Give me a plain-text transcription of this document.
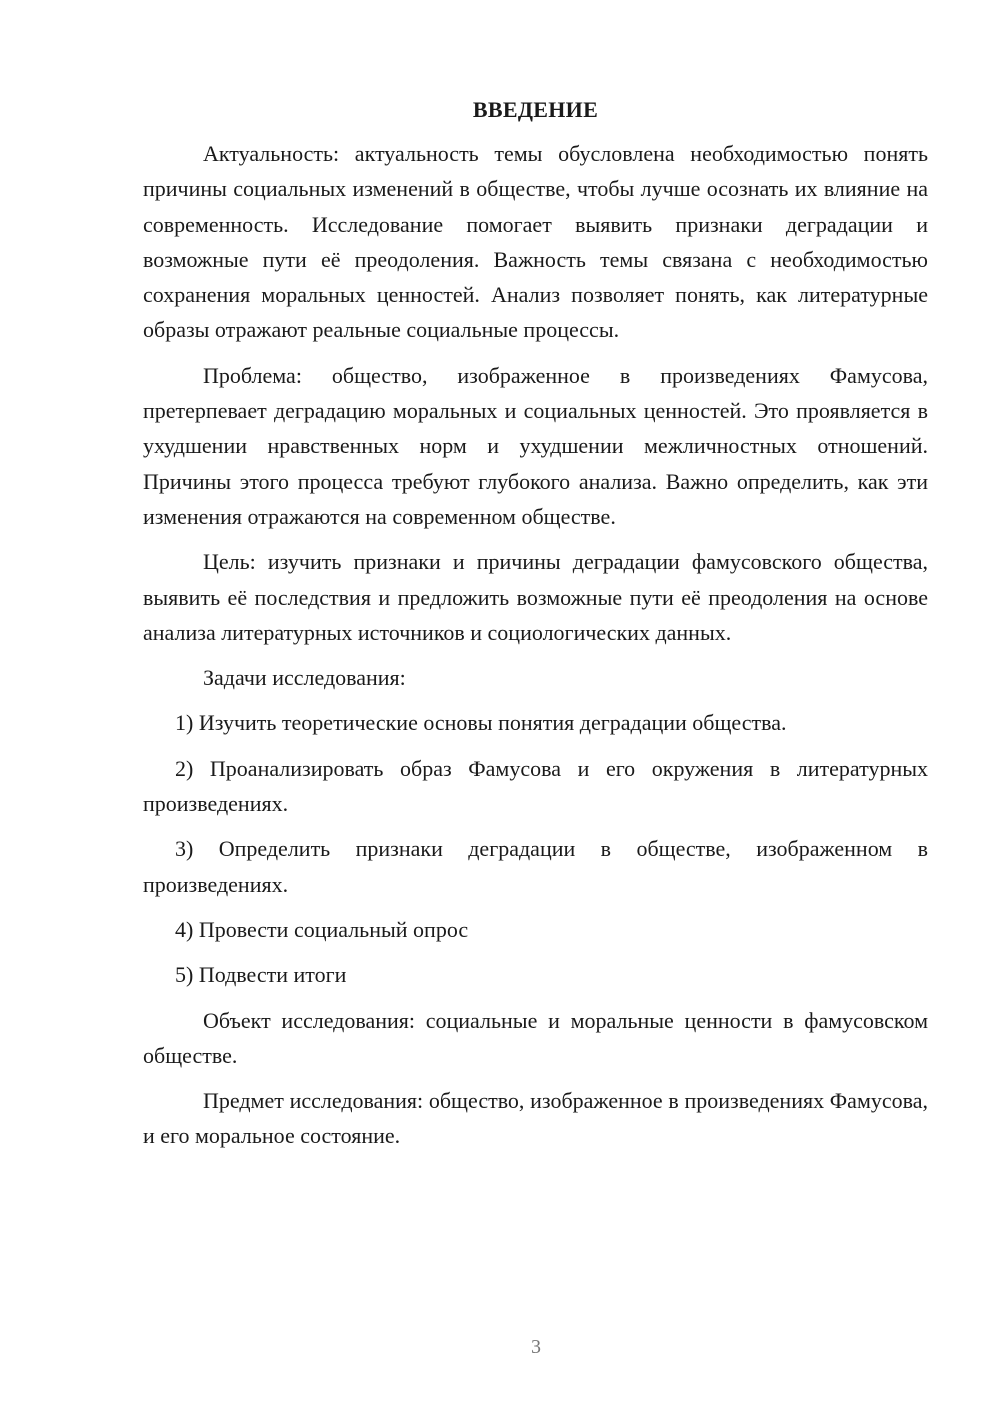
ВВЕДЕНИЕ

Актуальность: актуальность темы обусловлена необходимостью понять причины социальных изменений в обществе, чтобы лучше осознать их влияние на современность. Исследование помогает выявить признаки деградации и возможные пути её преодоления. Важность темы связана с необходимостью сохранения моральных ценностей. Анализ позволяет понять, как литературные образы отражают реальные социальные процессы.

Проблема: общество, изображенное в произведениях Фамусова, претерпевает деградацию моральных и социальных ценностей. Это проявляется в ухудшении нравственных норм и ухудшении межличностных отношений. Причины этого процесса требуют глубокого анализа. Важно определить, как эти изменения отражаются на современном обществе.

Цель: изучить признаки и причины деградации фамусовского общества, выявить её последствия и предложить возможные пути её преодоления на основе анализа литературных источников и социологических данных.

Задачи исследования:

1) Изучить теоретические основы понятия деградации общества.

2) Проанализировать образ Фамусова и его окружения в литературных произведениях.

3) Определить признаки деградации в обществе, изображенном в произведениях.

4) Провести социальный опрос

5) Подвести итоги

Объект исследования: социальные и моральные ценности в фамусовском обществе.

Предмет исследования: общество, изображенное в произведениях Фамусова, и его моральное состояние.

3
